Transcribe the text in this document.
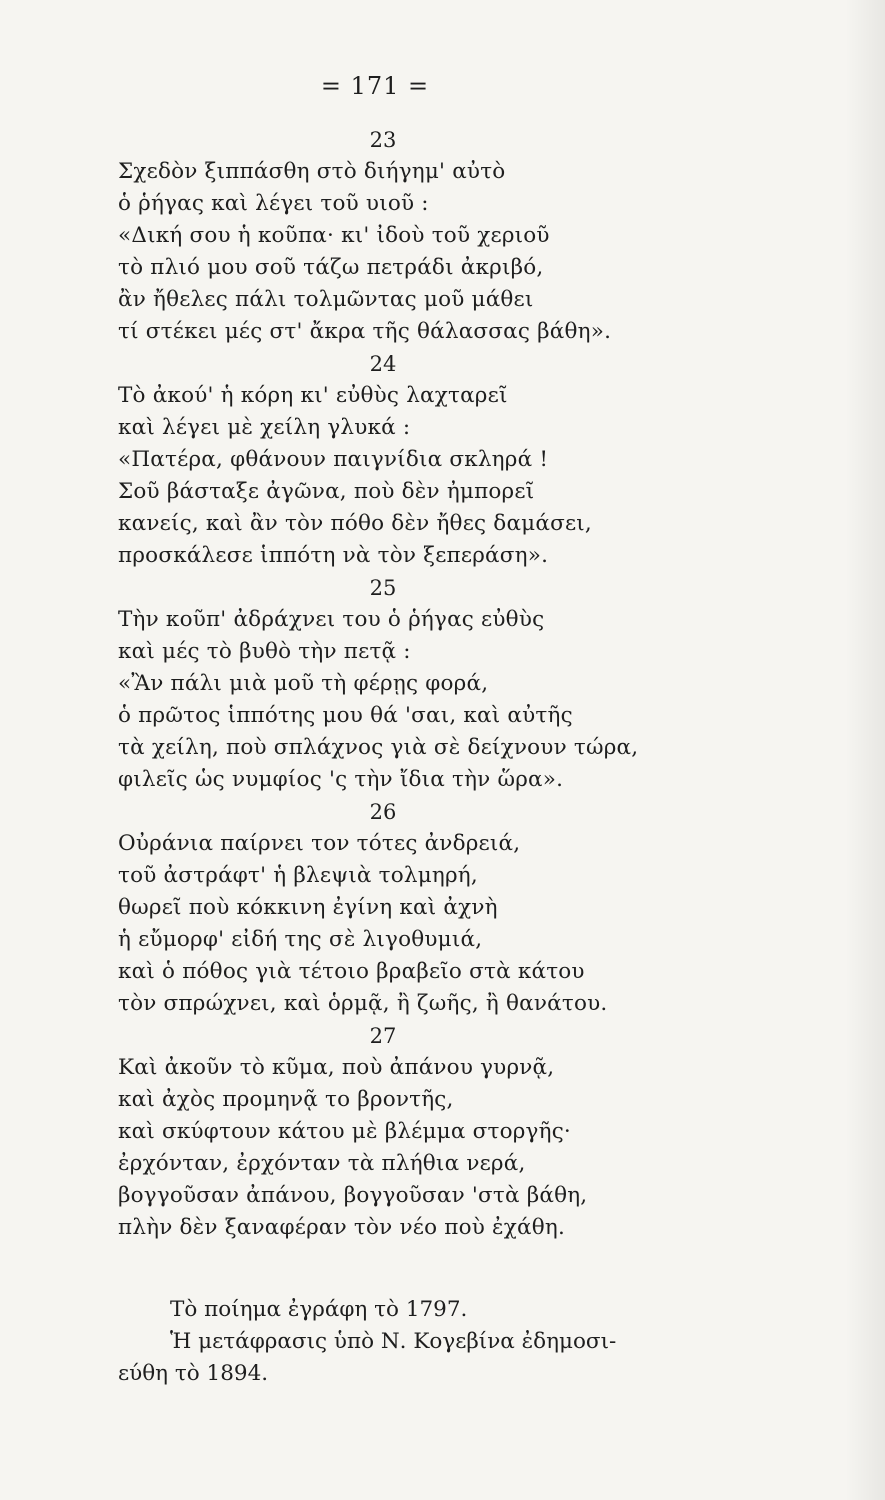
= 171 =
23
Σχεδὸν ξιππάσθη στὸ διήγημ' αὐτὸ
ὁ ῥήγας καὶ λέγει τοῦ υιοῦ :
«Δική σου ἡ κοῦπα· κι' ἰδοὺ τοῦ χεριοῦ
τὸ πλιό μου σοῦ τάζω πετράδι ἀκριβό,
ἂν ἤθελες πάλι τολμῶντας μοῦ μάθει
τί στέκει μές στ' ἄκρα τῆς θάλασσας βάθη».
24
Τὸ ἀκού' ἡ κόρη κι' εὐθὺς λαχταρεῖ
καὶ λέγει μὲ χείλη γλυκά :
«Πατέρα, φθάνουν παιγνίδια σκληρά !
Σοῦ βάσταξε ἀγῶνα, ποὺ δὲν ἠμπορεῖ
κανείς, καὶ ἂν τὸν πόθο δὲν ἤθες δαμάσει,
προσκάλεσε ἱππότη νὰ τὸν ξεπεράση».
25
Τὴν κοῦπ' ἀδράχνει του ὁ ῥήγας εὐθὺς
καὶ μές τὸ βυθὸ τὴν πετᾷ :
«Ἂν πάλι μιὰ μοῦ τὴ φέρῃς φορά,
ὁ πρῶτος ἱππότης μου θά 'σαι, καὶ αὐτῆς
τὰ χείλη, ποὺ σπλάχνος γιὰ σὲ δείχνουν τώρα,
φιλεῖς ὡς νυμφίος 'ς τὴν ἴδια τὴν ὥρα».
26
Οὐράνια παίρνει τον τότες ἀνδρειά,
τοῦ ἀστράφτ' ἡ βλεψιὰ τολμηρή,
θωρεῖ ποὺ κόκκινη ἐγίνη καὶ ἀχνὴ
ἡ εὔμορφ' εἰδή της σὲ λιγοθυμιά,
καὶ ὁ πόθος γιὰ τέτοιο βραβεῖο στὰ κάτου
τὸν σπρώχνει, καὶ ὁρμᾷ, ἢ ζωῆς, ἢ θανάτου.
27
Καὶ ἀκοῦν τὸ κῦμα, ποὺ ἀπάνου γυρνᾷ,
καὶ ἀχὸς προμηνᾷ το βροντῆς,
καὶ σκύφτουν κάτου μὲ βλέμμα στοργῆς·
ἐρχόνταν, ἐρχόνταν τὰ πλήθια νερά,
βογγοῦσαν ἀπάνου, βογγοῦσαν 'στὰ βάθη,
πλὴν δὲν ξαναφέραν τὸν νέο ποὺ ἐχάθη.
Τὸ ποίημα ἐγράφη τὸ 1797.
Ἡ μετάφρασις ὑπὸ Ν. Κογεβίνα ἐδημοσι-
εύθη τὸ 1894.
